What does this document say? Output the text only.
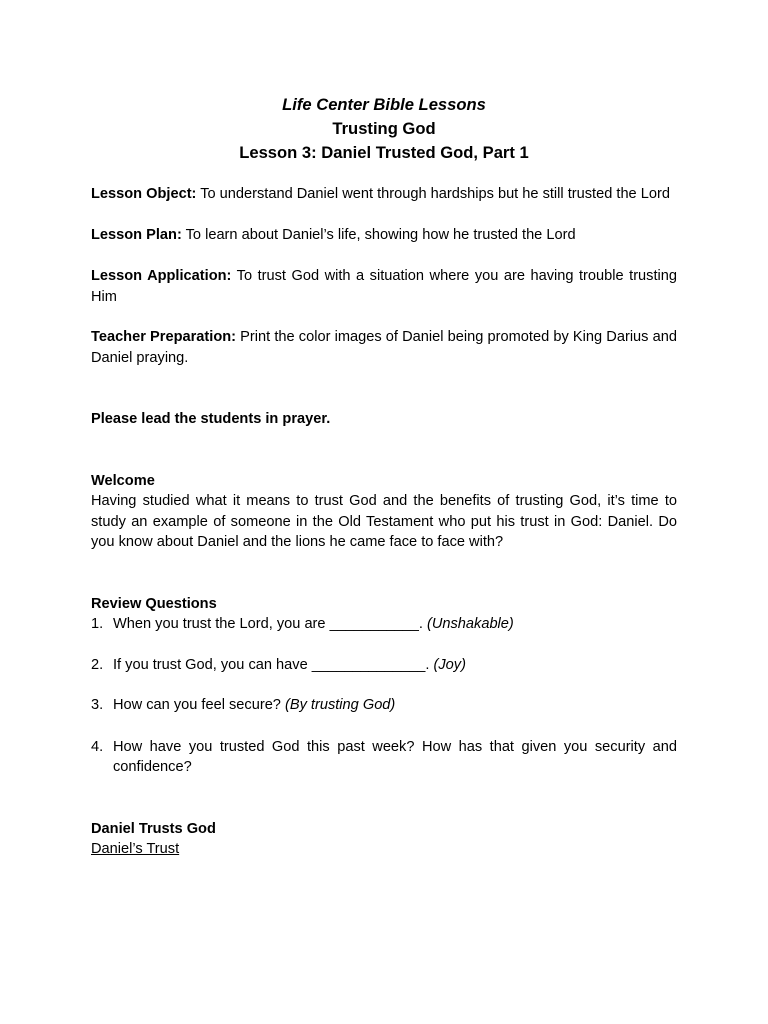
Life Center Bible Lessons
Trusting God
Lesson 3: Daniel Trusted God, Part 1

Lesson Object: To understand Daniel went through hardships but he still trusted the Lord

Lesson Plan: To learn about Daniel’s life, showing how he trusted the Lord

Lesson Application: To trust God with a situation where you are having trouble trusting Him

Teacher Preparation: Print the color images of Daniel being promoted by King Darius and Daniel praying.

Please lead the students in prayer.

Welcome

Having studied what it means to trust God and the benefits of trusting God, it’s time to study an example of someone in the Old Testament who put his trust in God: Daniel. Do you know about Daniel and the lions he came face to face with?

Review Questions

1. When you trust the Lord, you are ___________. (Unshakable)
2. If you trust God, you can have ______________. (Joy)
3. How can you feel secure? (By trusting God)
4. How have you trusted God this past week? How has that given you security and confidence?

Daniel Trusts God

Daniel’s Trust
